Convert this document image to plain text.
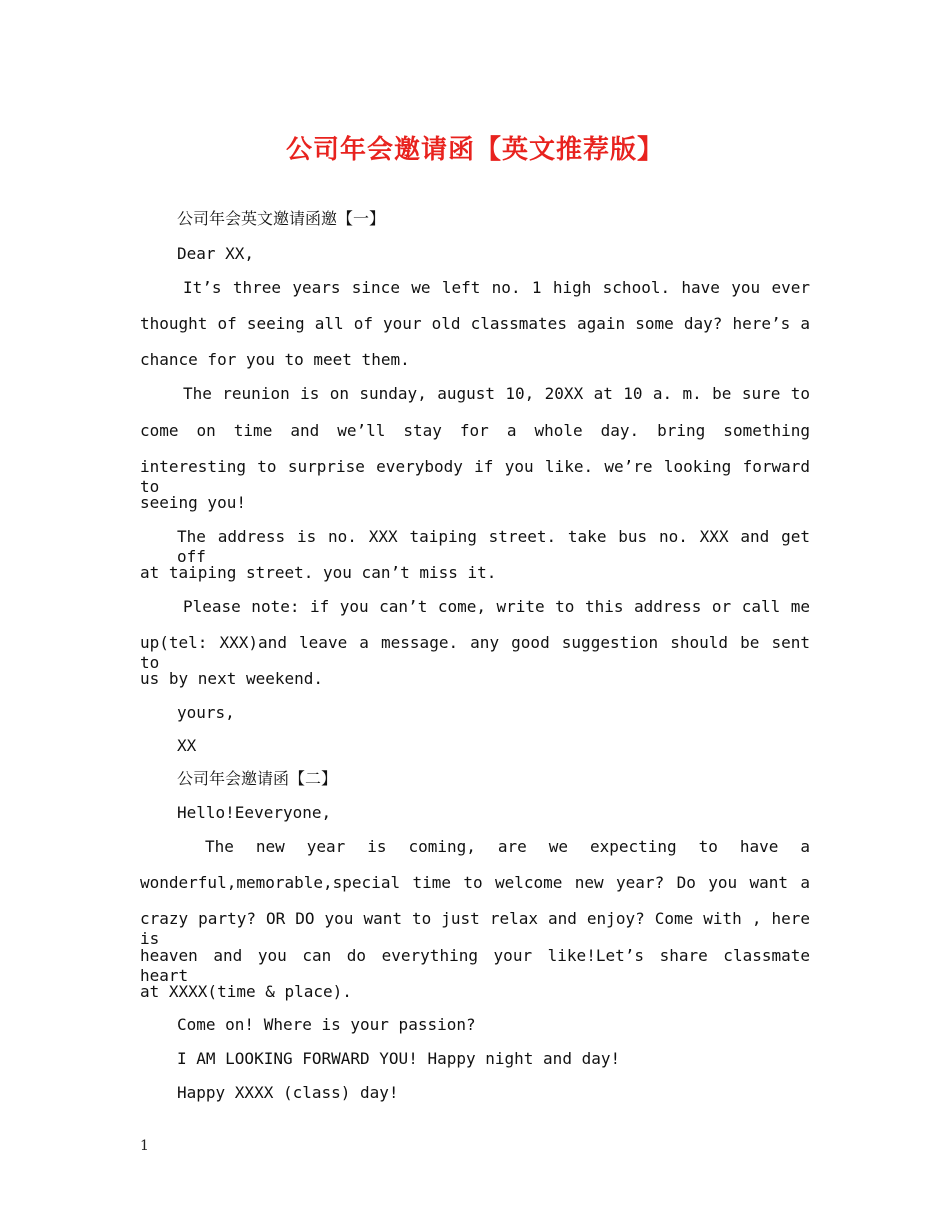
公司年会邀请函【英文推荐版】
公司年会英文邀请函邀【一】
Dear XX,
It’s three years since we left no. 1 high school. have you ever
thought of seeing all of your old classmates again some day? here’s a
chance for you to meet them.
The reunion is on sunday, august 10, 20XX at 10 a. m. be sure to
come on time and we’ll stay for a whole day. bring something
interesting to surprise everybody if you like. we’re looking forward to
seeing you!
The address is no. XXX taiping street. take bus no. XXX and get off
at taiping street. you can’t miss it.
Please note: if you can’t come, write to this address or call me
up(tel: XXX)and leave a message. any good suggestion should be sent to
us by next weekend.
yours,
XX
公司年会邀请函【二】
Hello!Eeveryone,
The new year is coming, are we expecting to have a
wonderful,memorable,special time to welcome new year? Do you want a
crazy party? OR DO you want to just relax and enjoy? Come with , here is
heaven and you can do everything your like!Let’s share classmate heart
at XXXX(time & place).
Come on! Where is your passion?
I AM LOOKING FORWARD YOU! Happy night and day!
Happy XXXX (class) day!
1
